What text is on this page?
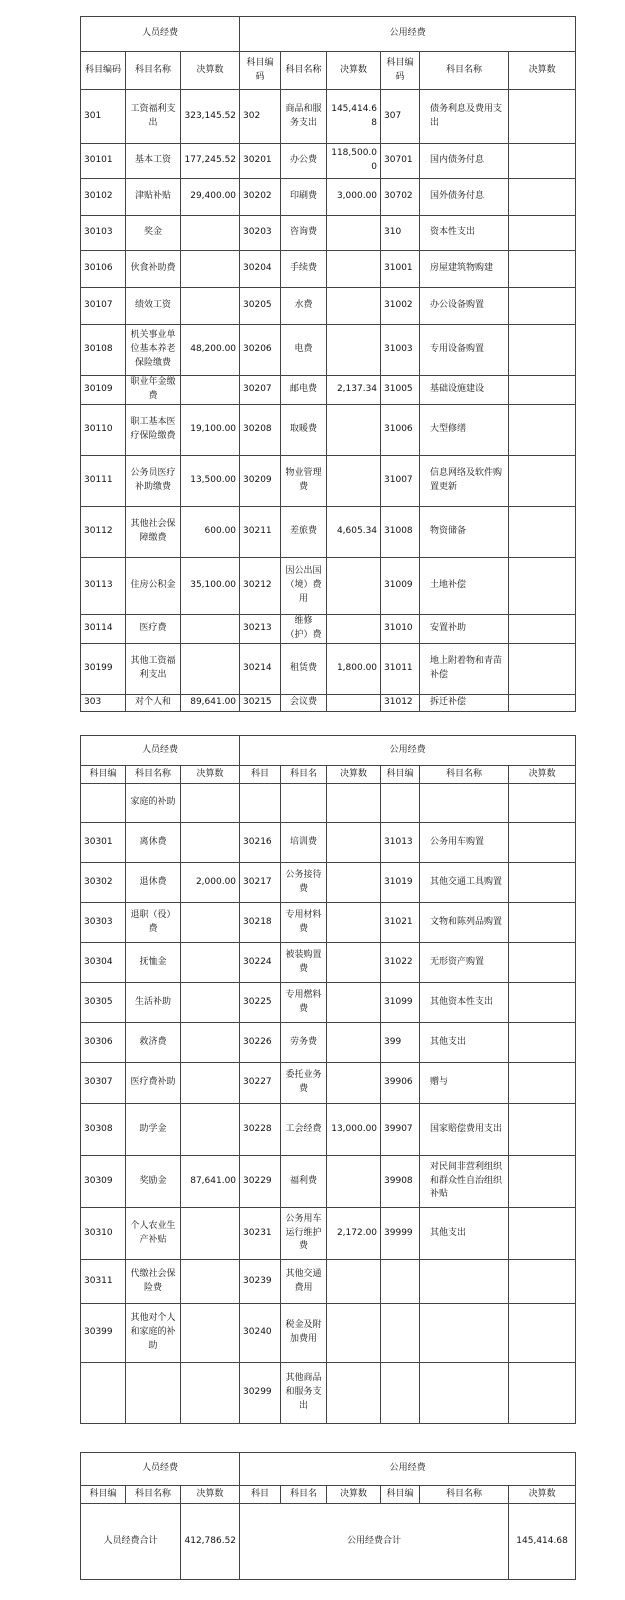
人员经费			公用经费					
科目编码	科目名称	决算数	科目编码	科目名称	决算数	科目编码	科目名称	决算数
301	工资福利支出	323,145.52	302	商品和服务支出	145,414.68	307	债务利息及费用支出	
30101	基本工资	177,245.52	30201	办公费	118,500.00	30701	国内债务付息	
30102	津贴补贴	29,400.00	30202	印刷费	3,000.00	30702	国外债务付息	
30103	奖金		30203	咨询费		310	资本性支出	
30106	伙食补助费		30204	手续费		31001	房屋建筑物购建	
30107	绩效工资		30205	水费		31002	办公设备购置	
30108	机关事业单位基本养老保险缴费	48,200.00	30206	电费		31003	专用设备购置	
30109	职业年金缴费		30207	邮电费	2,137.34	31005	基础设施建设	
30110	职工基本医疗保险缴费	19,100.00	30208	取暖费		31006	大型修缮	
30111	公务员医疗补助缴费	13,500.00	30209	物业管理费		31007	信息网络及软件购置更新	
30112	其他社会保障缴费	600.00	30211	差旅费	4,605.34	31008	物资储备	
30113	住房公积金	35,100.00	30212	因公出国（境）费用		31009	土地补偿	
30114	医疗费		30213	维修（护）费		31010	安置补助	
30199	其他工资福利支出		30214	租赁费	1,800.00	31011	地上附着物和青苗补偿	
303	对个人和	89,641.00	30215	会议费		31012	拆迁补偿	
人员经费			公用经费					
科目编	科目名称	决算数	科目	科目名	决算数	科目编	科目名称	决算数
	家庭的补助							
30301	离休费		30216	培训费		31013	公务用车购置	
30302	退休费	2,000.00	30217	公务接待费		31019	其他交通工具购置	
30303	退职（役）费		30218	专用材料费		31021	文物和陈列品购置	
30304	抚恤金		30224	被装购置费		31022	无形资产购置	
30305	生活补助		30225	专用燃料费		31099	其他资本性支出	
30306	救济费		30226	劳务费		399	其他支出	
30307	医疗费补助		30227	委托业务费		39906	赠与	
30308	助学金		30228	工会经费	13,000.00	39907	国家赔偿费用支出	
30309	奖励金	87,641.00	30229	福利费		39908	对民间非营利组织和群众性自治组织补贴	
30310	个人农业生产补贴		30231	公务用车运行维护费	2,172.00	39999	其他支出	
30311	代缴社会保险费		30239	其他交通费用				
30399	其他对个人和家庭的补助		30240	税金及附加费用				
			30299	其他商品和服务支出				
人员经费			公用经费					
科目编	科目名称	决算数	科目	科目名	决算数	科目编	科目名称	决算数
人员经费合计		412,786.52	公用经费合计					145,414.68
